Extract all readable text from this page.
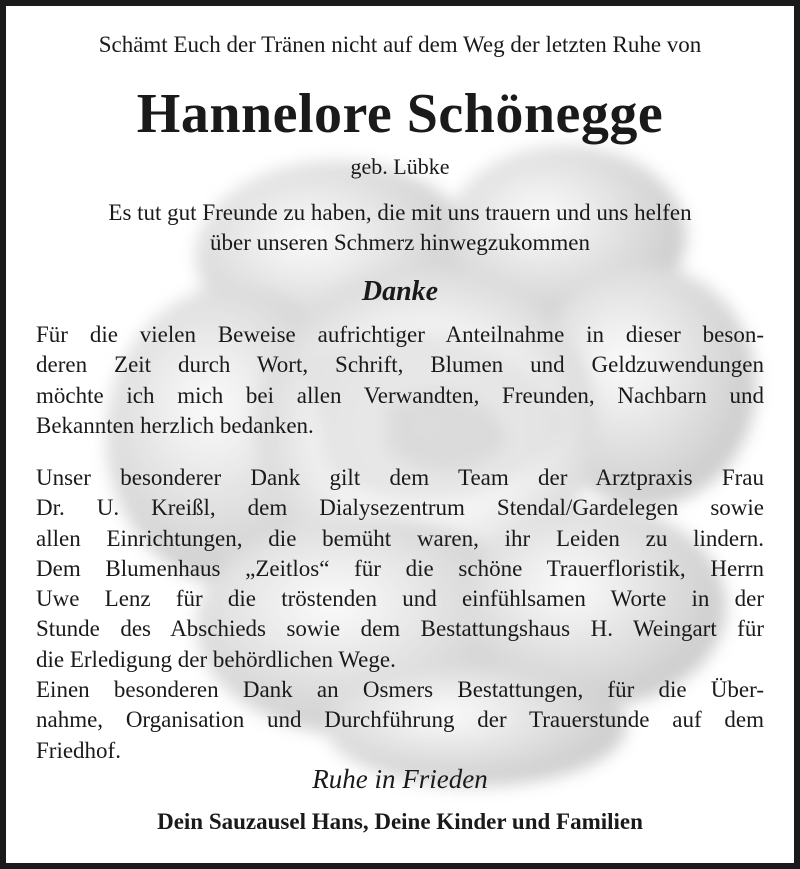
Schämt Euch der Tränen nicht auf dem Weg der letzten Ruhe von
Hannelore Schönegge
geb. Lübke
Es tut gut Freunde zu haben, die mit uns trauern und uns helfen
über unseren Schmerz hinwegzukommen
Danke
Für die vielen Beweise aufrichtiger Anteilnahme in dieser beson-
deren Zeit durch Wort, Schrift, Blumen und Geldzuwendungen
möchte ich mich bei allen Verwandten, Freunden, Nachbarn und
Bekannten herzlich bedanken.
Unser besonderer Dank gilt dem Team der Arztpraxis Frau
Dr. U. Kreißl, dem Dialysezentrum Stendal/Gardelegen sowie
allen Einrichtungen, die bemüht waren, ihr Leiden zu lindern.
Dem Blumenhaus „Zeitlos“ für die schöne Trauerfloristik, Herrn
Uwe Lenz für die tröstenden und einfühlsamen Worte in der
Stunde des Abschieds sowie dem Bestattungshaus H. Weingart für
die Erledigung der behördlichen Wege.
Einen besonderen Dank an Osmers Bestattungen, für die Über-
nahme, Organisation und Durchführung der Trauerstunde auf dem
Friedhof.
Ruhe in Frieden
Dein Sauzausel Hans, Deine Kinder und Familien
